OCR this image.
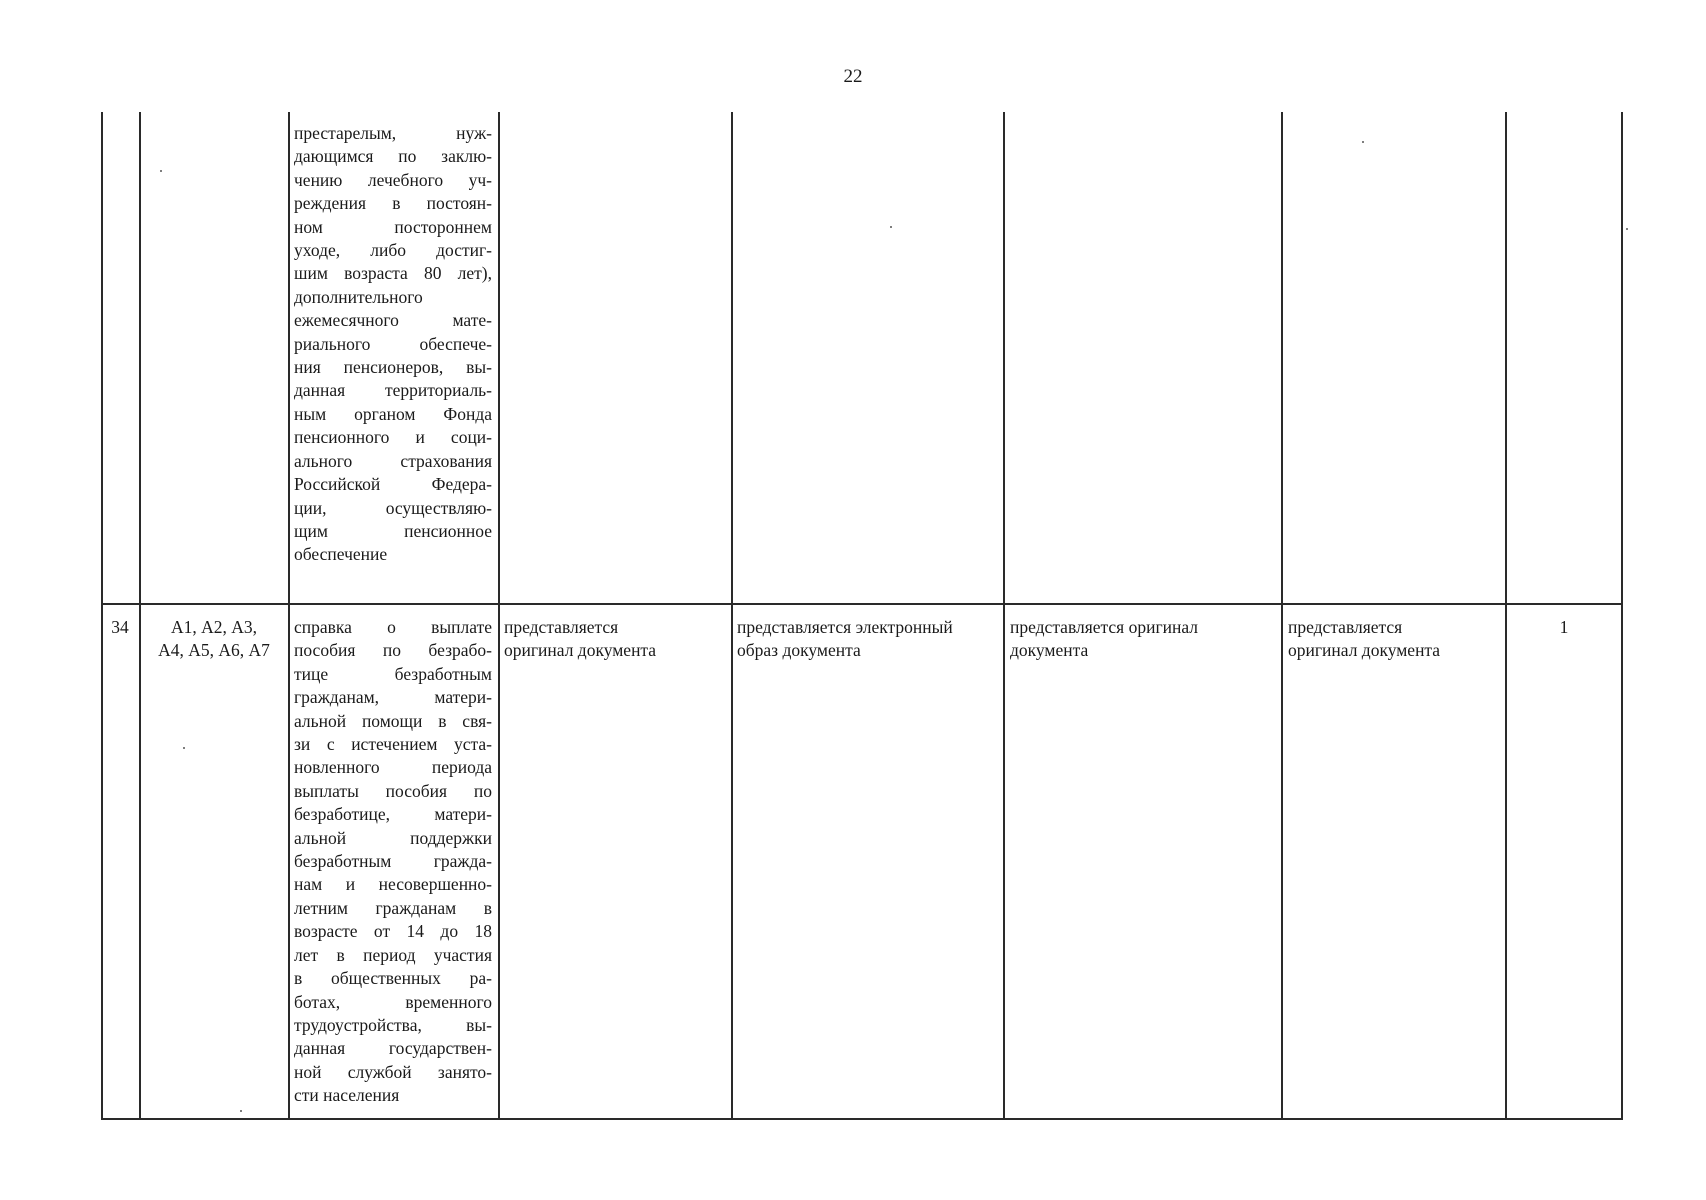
22
престарелым, нуж-
дающимся по заклю-
чению лечебного уч-
реждения в постоян-
ном постороннем
уходе, либо достиг-
шим возраста 80 лет),
дополнительного
ежемесячного мате-
риального обеспече-
ния пенсионеров, вы-
данная территориаль-
ным органом Фонда
пенсионного и соци-
ального страхования
Российской Федера-
ции, осуществляю-
щим пенсионное
обеспечение
34	А1, А2, А3,
А4, А5, А6, А7
справка о выплате
пособия по безрабо-
тице безработным
гражданам, матери-
альной помощи в свя-
зи с истечением уста-
новленного периода
выплаты пособия по
безработице, матери-
альной поддержки
безработным гражда-
нам и несовершенно-
летним гражданам в
возрасте от 14 до 18
лет в период участия
в общественных ра-
ботах, временного
трудоустройства, вы-
данная государствен-
ной службой занято-
сти населения
представляется
оригинал документа
представляется электронный
образ документа
представляется оригинал
документа
представляется
оригинал документа
1
